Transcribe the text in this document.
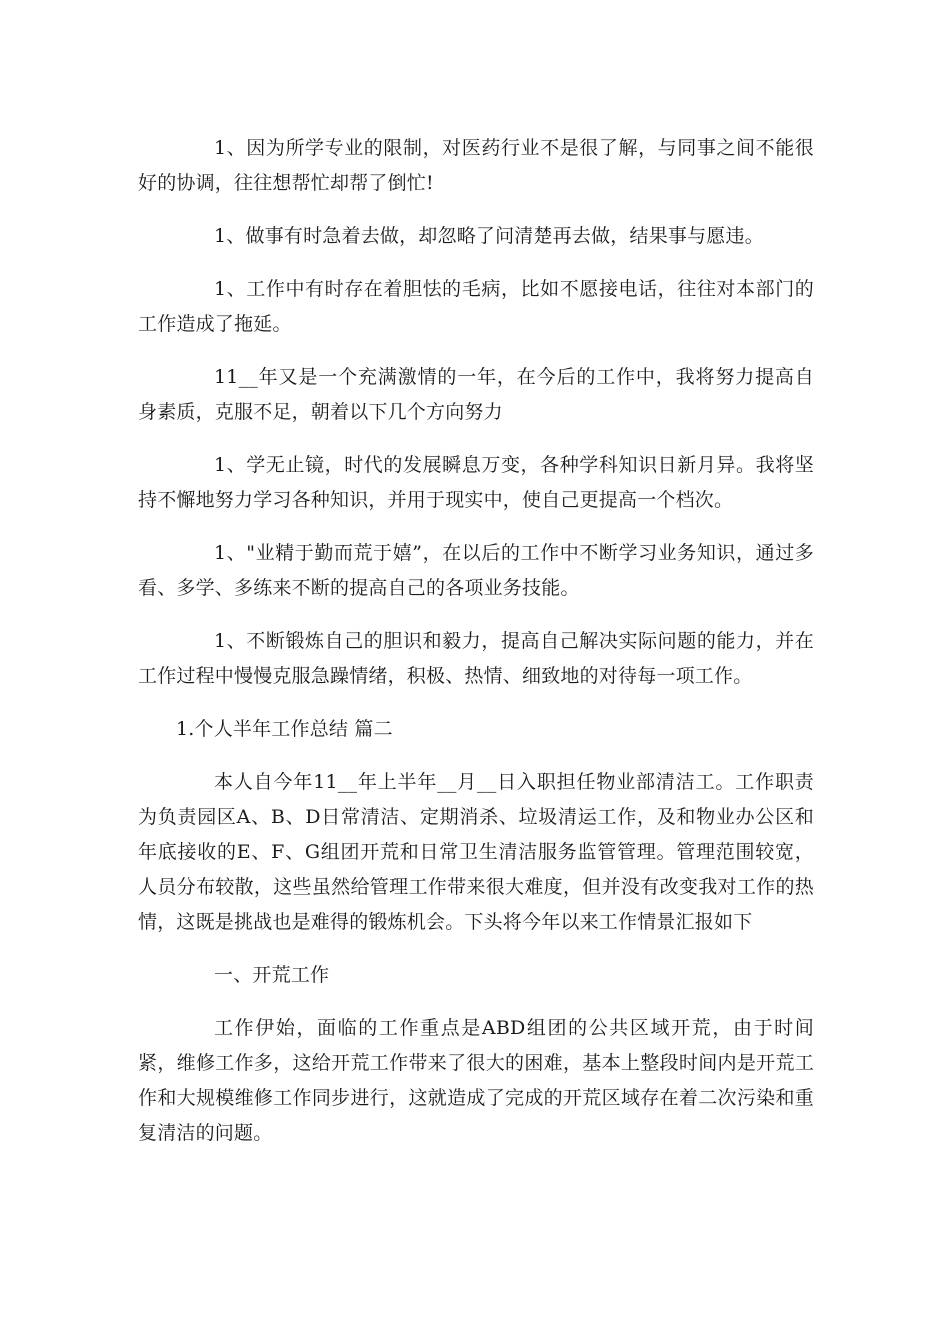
1、因为所学专业的限制，对医药行业不是很了解，与同事之间不能很好的协调，往往想帮忙却帮了倒忙!

1、做事有时急着去做，却忽略了问清楚再去做，结果事与愿违。

1、工作中有时存在着胆怯的毛病，比如不愿接电话，往往对本部门的工作造成了拖延。

11__年又是一个充满激情的一年，在今后的工作中，我将努力提高自身素质，克服不足，朝着以下几个方向努力

1、学无止镜，时代的发展瞬息万变，各种学科知识日新月异。我将坚持不懈地努力学习各种知识，并用于现实中，使自己更提高一个档次。

1、"业精于勤而荒于嬉”，在以后的工作中不断学习业务知识，通过多看、多学、多练来不断的提高自己的各项业务技能。

1、不断锻炼自己的胆识和毅力，提高自己解决实际问题的能力，并在工作过程中慢慢克服急躁情绪，积极、热情、细致地的对待每一项工作。

1.个人半年工作总结 篇二

本人自今年11__年上半年__月__日入职担任物业部清洁工。工作职责为负责园区A、B、D日常清洁、定期消杀、垃圾清运工作，及和物业办公区和年底接收的E、F、G组团开荒和日常卫生清洁服务监管管理。管理范围较宽，人员分布较散，这些虽然给管理工作带来很大难度，但并没有改变我对工作的热情，这既是挑战也是难得的锻炼机会。下头将今年以来工作情景汇报如下

一、开荒工作

工作伊始，面临的工作重点是ABD组团的公共区域开荒，由于时间紧，维修工作多，这给开荒工作带来了很大的困难，基本上整段时间内是开荒工作和大规模维修工作同步进行，这就造成了完成的开荒区域存在着二次污染和重复清洁的问题。
